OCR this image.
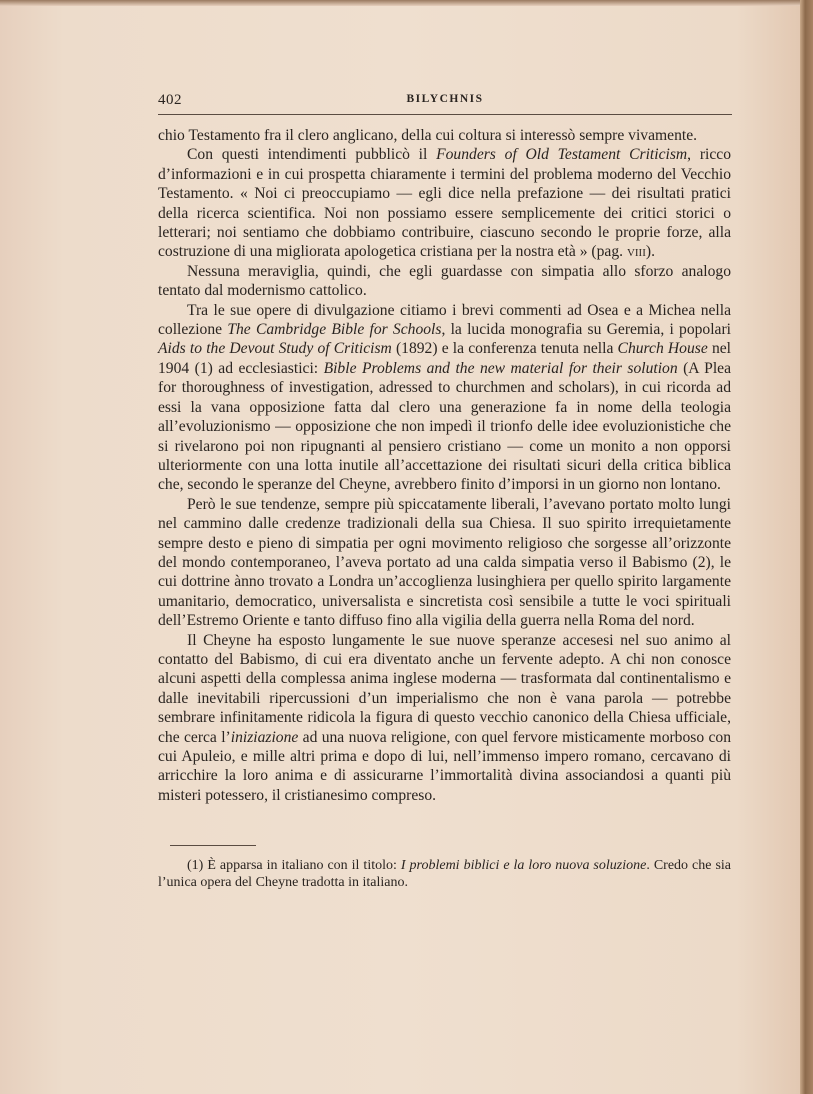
402	BILYCHNIS

chio Testamento fra il clero anglicano, della cui coltura si interessò sempre vivamente.

Con questi intendimenti pubblicò il Founders of Old Testament Criticism, ricco d’informazioni e in cui prospetta chiaramente i termini del problema moderno del Vecchio Testamento. « Noi ci preoccupiamo — egli dice nella prefazione — dei risultati pratici della ricerca scientifica. Noi non possiamo essere semplicemente dei critici storici o letterari; noi sentiamo che dobbiamo contribuire, ciascuno secondo le proprie forze, alla costruzione di una migliorata apologetica cristiana per la nostra età » (pag. viii).

Nessuna meraviglia, quindi, che egli guardasse con simpatia allo sforzo analogo tentato dal modernismo cattolico.

Tra le sue opere di divulgazione citiamo i brevi commenti ad Osea e a Michea nella collezione The Cambridge Bible for Schools, la lucida monografia su Geremia, i popolari Aids to the Devout Study of Criticism (1892) e la conferenza tenuta nella Church House nel 1904 (1) ad ecclesiastici: Bible Problems and the new material for their solution (A Plea for thoroughness of investigation, adressed to churchmen and scholars), in cui ricorda ad essi la vana opposizione fatta dal clero una generazione fa in nome della teologia all’evoluzionismo — opposizione che non impedì il trionfo delle idee evoluzionistiche che si rivelarono poi non ripugnanti al pensiero cristiano — come un monito a non opporsi ulteriormente con una lotta inutile all’accettazione dei risultati sicuri della critica biblica che, secondo le speranze del Cheyne, avrebbero finito d’imporsi in un giorno non lontano.

Però le sue tendenze, sempre più spiccatamente liberali, l’avevano portato molto lungi nel cammino dalle credenze tradizionali della sua Chiesa. Il suo spirito irrequietamente sempre desto e pieno di simpatia per ogni movimento religioso che sorgesse all’orizzonte del mondo contemporaneo, l’aveva portato ad una calda simpatia verso il Babismo (2), le cui dottrine ànno trovato a Londra un’accoglienza lusinghiera per quello spirito largamente umanitario, democratico, universalista e sincretista così sensibile a tutte le voci spirituali dell’Estremo Oriente e tanto diffuso fino alla vigilia della guerra nella Roma del nord.

Il Cheyne ha esposto lungamente le sue nuove speranze accesesi nel suo animo al contatto del Babismo, di cui era diventato anche un fervente adepto. A chi non conosce alcuni aspetti della complessa anima inglese moderna — trasformata dal continentalismo e dalle inevitabili ripercussioni d’un imperialismo che non è vana parola — potrebbe sembrare infinitamente ridicola la figura di questo vecchio canonico della Chiesa ufficiale, che cerca l’iniziazione ad una nuova religione, con quel fervore misticamente morboso con cui Apuleio, e mille altri prima e dopo di lui, nell’immenso impero romano, cercavano di arricchire la loro anima e di assicurarne l’immortalità divina associandosi a quanti più misteri potessero, il cristianesimo compreso.

(1) È apparsa in italiano con il titolo: I problemi biblici e la loro nuova soluzione. Credo che sia l’unica opera del Cheyne tradotta in italiano.
